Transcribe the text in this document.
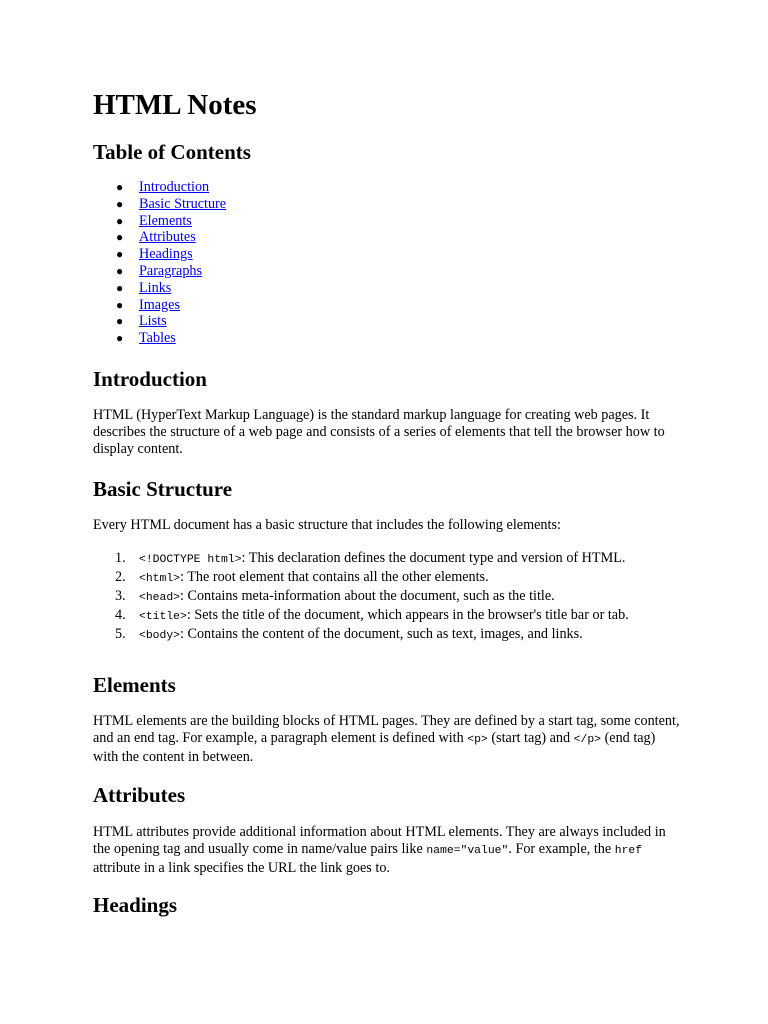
HTML Notes
Table of Contents
● Introduction
● Basic Structure
● Elements
● Attributes
● Headings
● Paragraphs
● Links
● Images
● Lists
● Tables
Introduction

HTML (HyperText Markup Language) is the standard markup language for creating web pages. It describes the structure of a web page and consists of a series of elements that tell the browser how to display content.

Basic Structure

Every HTML document has a basic structure that includes the following elements:

1. <!DOCTYPE html>: This declaration defines the document type and version of HTML.
2. <html>: The root element that contains all the other elements.
3. <head>: Contains meta-information about the document, such as the title.
4. <title>: Sets the title of the document, which appears in the browser's title bar or tab.
5. <body>: Contains the content of the document, such as text, images, and links.
Elements

HTML elements are the building blocks of HTML pages. They are defined by a start tag, some content, and an end tag. For example, a paragraph element is defined with <p> (start tag) and </p> (end tag) with the content in between.

Attributes

HTML attributes provide additional information about HTML elements. They are always included in the opening tag and usually come in name/value pairs like name="value". For example, the href attribute in a link specifies the URL the link goes to.

Headings
